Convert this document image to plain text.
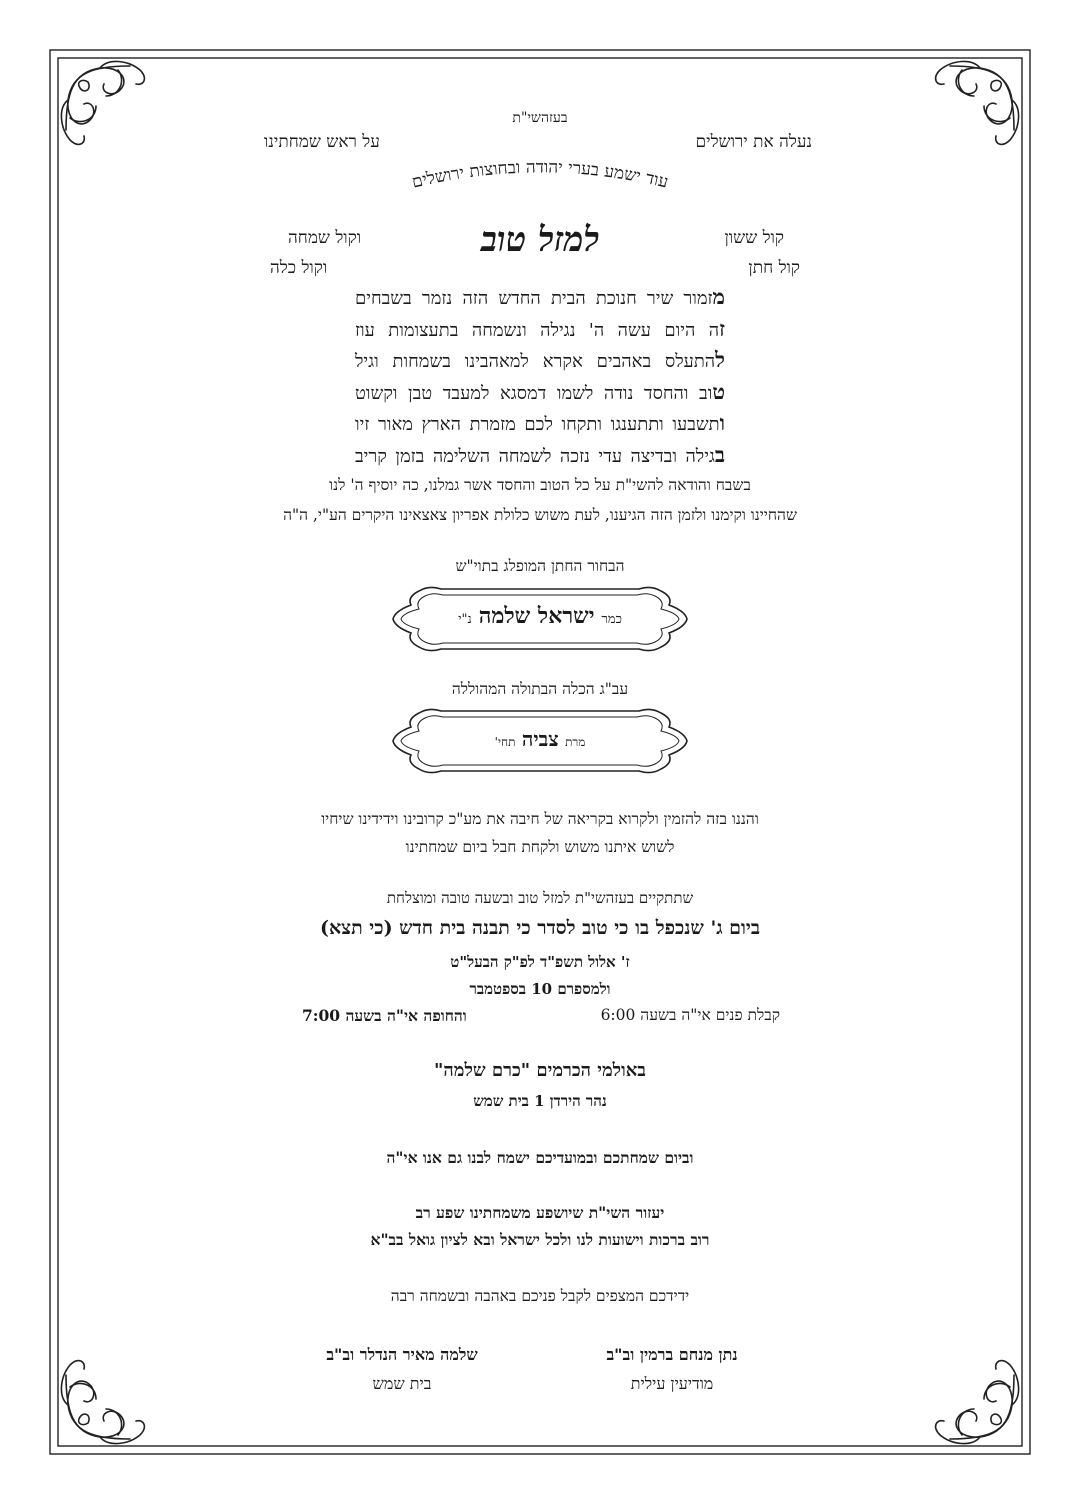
בעזהשי"ת
נעלה את ירושלים
על ראש שמחתינו
עוד ישמע בערי יהודה ובחוצות ירושלים
למזל טוב	קול ששון
וקול שמחה
קול חתן
וקול כלה
מזמור שיר חנוכת הבית החדש הזה נזמר בשבחים
זה היום עשה ה' נגילה ונשמחה בתעצומות עוז
להתעלס באהבים אקרא למאהבינו בשמחות וגיל
טוב והחסד נודה לשמו דמסגא למעבד טבן וקשוט
ותשבעו ותתענגו ותקחו לכם מזמרת הארץ מאור זיו
בגילה ובדיצה עדי נזכה לשמחה השלימה בזמן קריב
בשבח והודאה להשי"ת על כל הטוב והחסד אשר גמלנו, כה יוסיף ה' לנו
שהחיינו וקימנו ולזמן הזה הגיענו, לעת משוש כלולת אפריון צאצאינו היקרים הע"י, ה"ה
הבחור החתן המופלג בתוי"ש
כמר ישראל שלמה נ"י
עב"ג הכלה הבתולה המהוללה
מרת צביה תחי'
והננו בזה להזמין ולקרוא בקריאה של חיבה את מע"כ קרובינו וידידינו שיחיו
לשוש איתנו משוש ולקחת חבל ביום שמחתינו
שתתקיים בעזהשי"ת למזל טוב ובשעה טובה ומוצלחת
ביום ג' שנכפל בו כי טוב לסדר כי תבנה בית חדש (כי תצא)
ז' אלול תשפ"ד לפ"ק הבעל"ט
ולמספרם 10 בספטמבר
קבלת פנים אי"ה בשעה 6:00
והחופה אי"ה בשעה 7:00
באולמי הכרמים "כרם שלמה"
נהר הירדן 1 בית שמש
וביום שמחתכם ובמועדיכם ישמח לבנו גם אנו אי"ה
יעזור השי"ת שיושפע משמחתינו שפע רב
רוב ברכות וישועות לנו ולכל ישראל ובא לציון גואל בב"א
ידידכם המצפים לקבל פניכם באהבה ובשמחה רבה
נתן מנחם ברמין וב"ב
מודיעין עילית
שלמה מאיר הנדלר וב"ב
בית שמש
